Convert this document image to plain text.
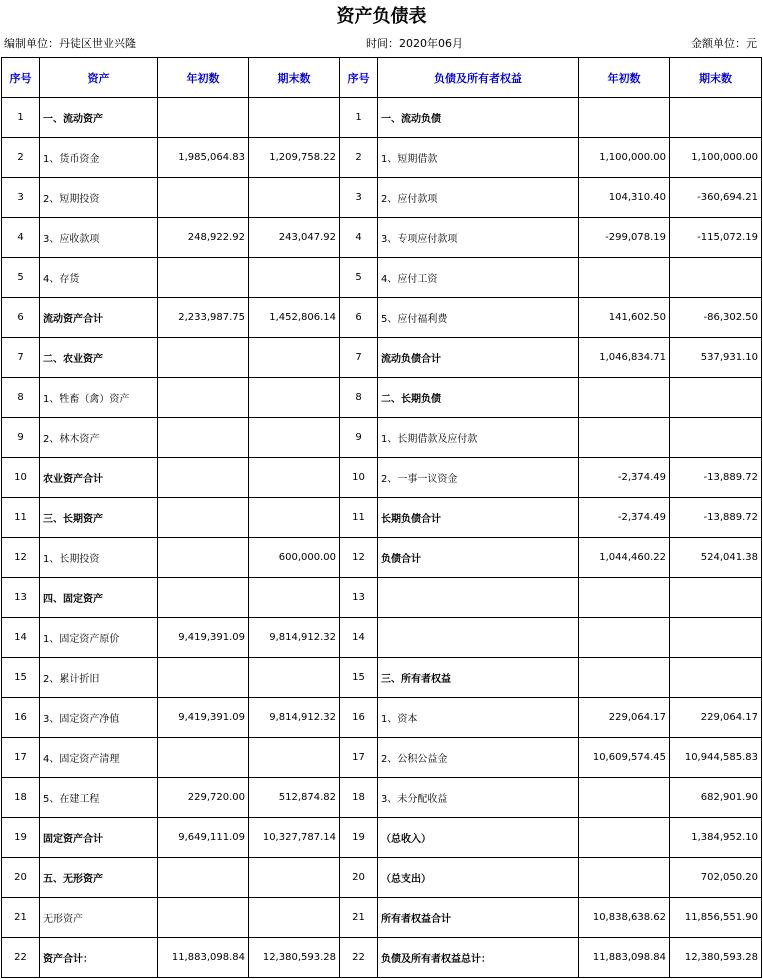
资产负债表
编制单位：丹徒区世业兴隆	时间：2020年06月	金额单位：元
序号	资产	年初数	期末数	序号	负债及所有者权益	年初数	期末数
1	一、流动资产			1	一、流动负债		
2	1、货币资金	1,985,064.83	1,209,758.22	2	1、短期借款	1,100,000.00	1,100,000.00
3	2、短期投资			3	2、应付款项	104,310.40	-360,694.21
4	3、应收款项	248,922.92	243,047.92	4	3、专项应付款项	-299,078.19	-115,072.19
5	4、存货			5	4、应付工资		
6	流动资产合计	2,233,987.75	1,452,806.14	6	5、应付福利费	141,602.50	-86,302.50
7	二、农业资产			7	流动负债合计	1,046,834.71	537,931.10
8	1、牲畜（禽）资产			8	二、长期负债		
9	2、林木资产			9	1、长期借款及应付款		
10	农业资产合计			10	2、一事一议资金	-2,374.49	-13,889.72
11	三、长期资产			11	长期负债合计	-2,374.49	-13,889.72
12	1、长期投资		600,000.00	12	负债合计	1,044,460.22	524,041.38
13	四、固定资产			13			
14	1、固定资产原价	9,419,391.09	9,814,912.32	14			
15	2、累计折旧			15	三、所有者权益		
16	3、固定资产净值	9,419,391.09	9,814,912.32	16	1、资本	229,064.17	229,064.17
17	4、固定资产清理			17	2、公积公益金	10,609,574.45	10,944,585.83
18	5、在建工程	229,720.00	512,874.82	18	3、未分配收益		682,901.90
19	固定资产合计	9,649,111.09	10,327,787.14	19	（总收入）		1,384,952.10
20	五、无形资产			20	（总支出）		702,050.20
21	无形资产			21	所有者权益合计	10,838,638.62	11,856,551.90
22	资产合计：	11,883,098.84	12,380,593.28	22	负债及所有者权益总计：	11,883,098.84	12,380,593.28
